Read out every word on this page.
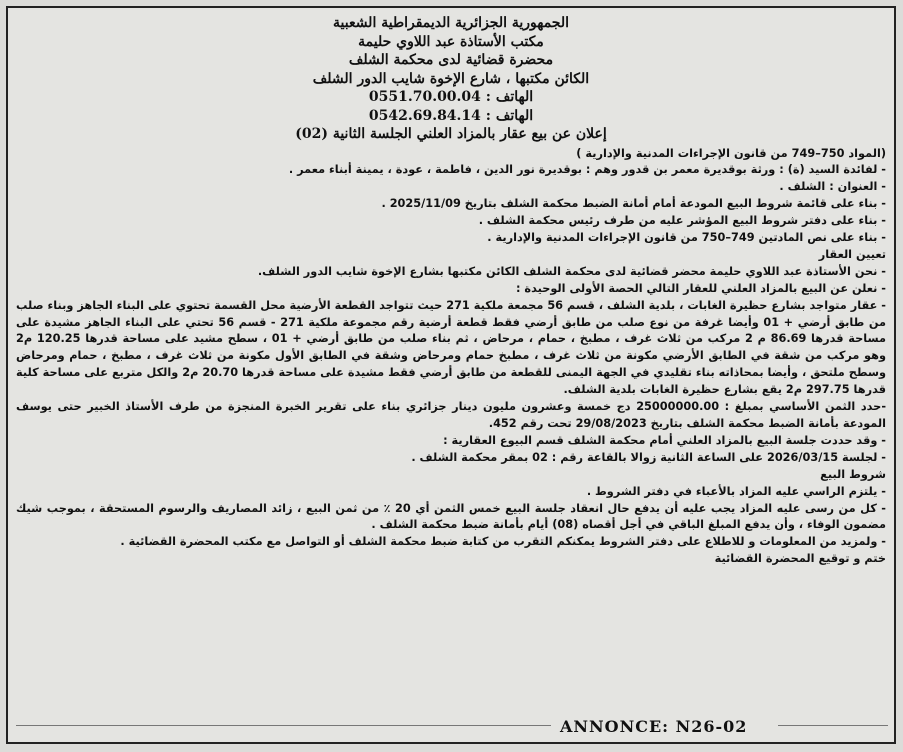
الجمهورية الجزائرية الديمقراطية الشعبية
مكتب الأستاذة عبد اللاوي حليمة
محضرة قضائية لدى محكمة الشلف
الكائن مكتبها ، شارع الإخوة شايب الدور الشلف
الهاتف : 0551.70.00.04
الهاتف : 0542.69.84.14
إعلان عن بيع عقار بالمزاد العلني الجلسة الثانية (02)

(المواد 750–749 من قانون الإجراءات المدنية والإدارية )

- لفائدة السيد (ة) : ورثة بوقديرة معمر بن قدور وهم : بوقديرة نور الدين ، فاطمة ، عودة ، يمينة أبناء معمر .

- العنوان : الشلف .

- بناء على قائمة شروط البيع المودعة أمام أمانة الضبط محكمة الشلف بتاريخ 2025/11/09 .

- بناء على دفتر شروط البيع المؤشر عليه من طرف رئيس محكمة الشلف .

- بناء على نص المادتين 749–750 من قانون الإجراءات المدنية والإدارية .

تعيين العقار

- نحن الأستاذة عبد اللاوي حليمة محضر قضائية لدى محكمة الشلف الكائن مكتبها بشارع الإخوة شايب الدور الشلف.

- نعلن عن البيع بالمزاد العلني للعقار التالي الحصة الأولى الوحيدة :

- عقار متواجد بشارع حظيرة الغابات ، بلدية الشلف ، قسم 56 مجمعة ملكية 271 حيث تتواجد القطعة الأرضية محل القسمة تحتوي على البناء الجاهز وبناء صلب من طابق أرضي + 01 وأيضا غرفة من نوع صلب من طابق أرضي فقط قطعة أرضية رقم مجموعة ملكية 271 - قسم 56 تحتي على البناء الجاهز مشيدة على مساحة قدرها 86.69 م 2 مركب من ثلاث غرف ، مطبخ ، حمام ، مرحاض ، ثم بناء صلب من طابق أرضي + 01 ، سطح مشيد على مساحة قدرها 120.25 م2 وهو مركب من شقة في الطابق الأرضي مكونة من ثلاث غرف ، مطبخ حمام ومرحاض وشقة في الطابق الأول مكونة من ثلاث غرف ، مطبخ ، حمام ومرحاض وسطح ملتحق ، وأيضا بمحاذاته بناء تقليدي في الجهة اليمنى للقطعة من طابق أرضي فقط مشيدة على مساحة قدرها 20.70 م2 والكل متربع على مساحة كلية قدرها 297.75 م2 يقع بشارع حظيرة الغابات بلدية الشلف.

-حدد الثمن الأساسي بمبلغ : 25000000.00 دج خمسة وعشرون مليون دينار جزائري بناء على تقرير الخبرة المنجزة من طرف الأستاذ الخبير حتى يوسف المودعة بأمانة الضبط محكمة الشلف بتاريخ 29/08/2023 تحت رقم 452.

- وقد حددت جلسة البيع بالمزاد العلني أمام محكمة الشلف قسم البيوع العقارية :

- لجلسة 2026/03/15 على الساعة الثانية زوالا بالقاعة رقم : 02 بمقر محكمة الشلف .

شروط البيع

- يلتزم الراسي عليه المزاد بالأعباء في دفتر الشروط .

- كل من رسى عليه المزاد يجب عليه أن يدفع حال انعقاد جلسة البيع خمس الثمن أي 20 ٪ من ثمن البيع ، زائد المصاريف والرسوم المستحقة ، بموجب شيك مضمون الوفاء ، وأن يدفع المبلغ الباقي في أجل أقصاه (08) أيام بأمانة ضبط محكمة الشلف .

- ولمزيد من المعلومات و للاطلاع على دفتر الشروط يمكنكم التقرب من كتابة ضبط محكمة الشلف أو التواصل مع مكتب المحضرة القضائية .

ختم و توقيع المحضرة القضائية

ANNONCE: N26-02
